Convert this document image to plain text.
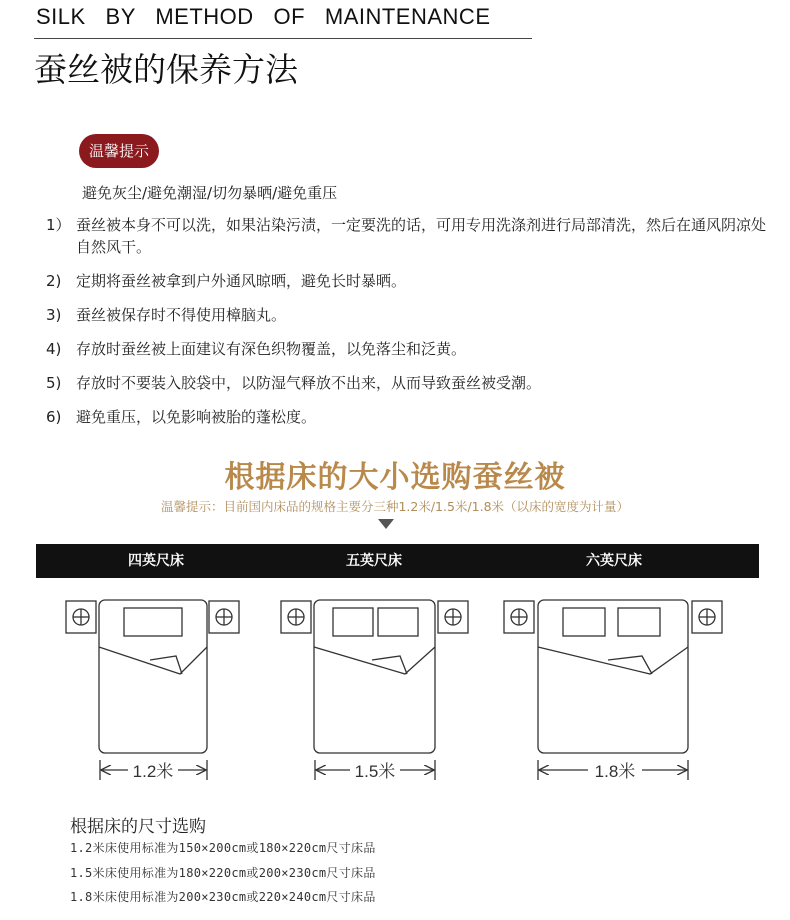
SILK   BY   METHOD   OF   MAINTENANCE
蚕丝被的保养方法
温馨提示
避免灰尘/避免潮湿/切勿暴晒/避免重压
1） 蚕丝被本身不可以洗，如果沾染污渍，一定要洗的话，可用专用洗涤剂进行局部清洗，然后在通风阴凉处自然风干。
2) 定期将蚕丝被拿到户外通风晾晒，避免长时暴晒。
3) 蚕丝被保存时不得使用樟脑丸。
4) 存放时蚕丝被上面建议有深色织物覆盖，以免落尘和泛黄。
5) 存放时不要装入胶袋中，以防湿气释放不出来，从而导致蚕丝被受潮。
6) 避免重压，以免影响被胎的蓬松度。
根据床的大小选购蚕丝被
温馨提示：目前国内床品的规格主要分三种1.2米/1.5米/1.8米（以床的宽度为计量）
四英尺床	五英尺床	六英尺床
1.2米	1.5米	1.8米
根据床的尺寸选购
1.2米床使用标准为150×200cm或180×220cm尺寸床品
1.5米床使用标准为180×220cm或200×230cm尺寸床品
1.8米床使用标准为200×230cm或220×240cm尺寸床品
